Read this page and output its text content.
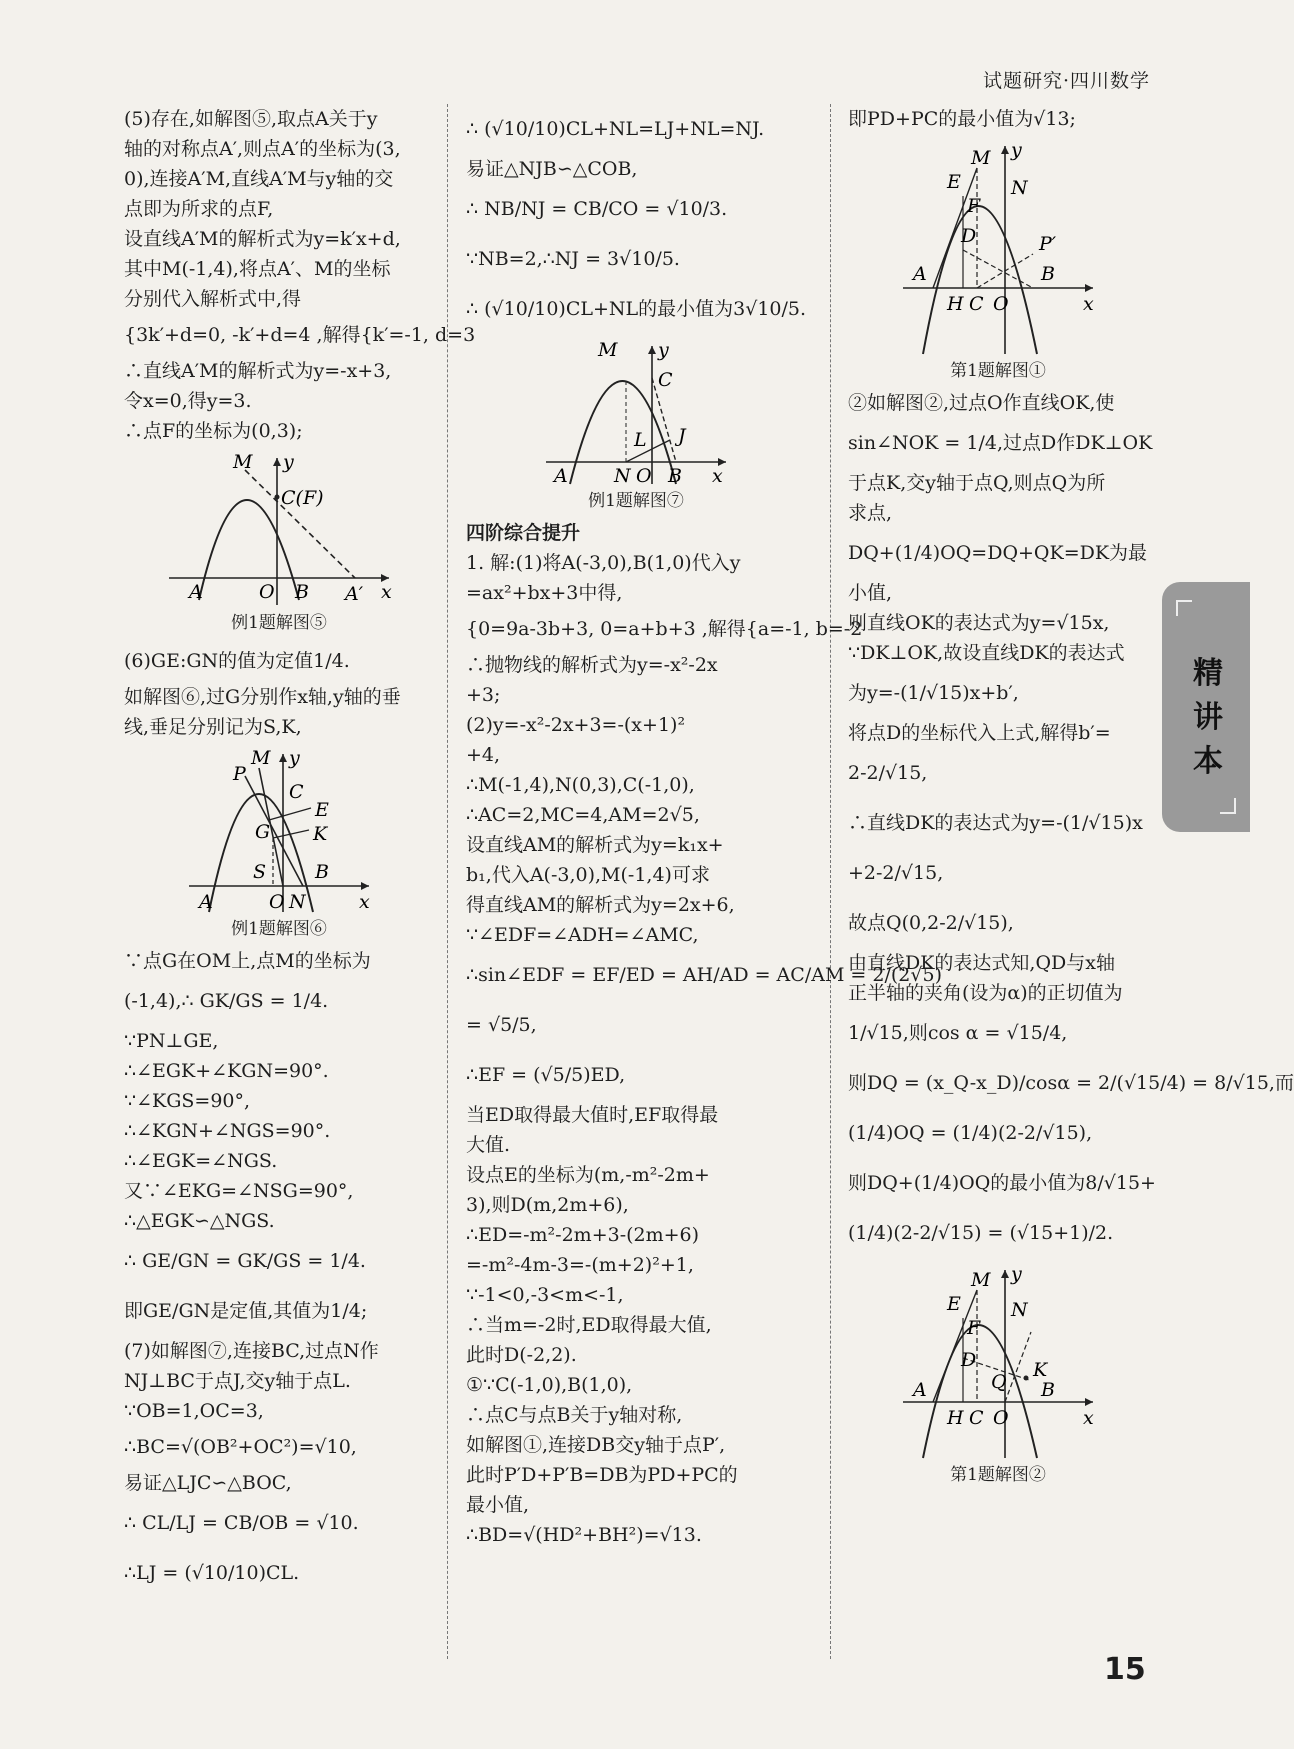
试题研究·四川数学
(5)存在,如解图⑤,取点A关于y
轴的对称点A′,则点A′的坐标为(3,
0),连接A′M,直线A′M与y轴的交
点即为所求的点F,
设直线A′M的解析式为y=k′x+d,
其中M(-1,4),将点A′、M的坐标
分别代入解析式中,得
{3k′+d=0, -k′+d=4 ,解得{k′=-1, d=3
∴直线A′M的解析式为y=-x+3,
令x=0,得y=3.
∴点F的坐标为(0,3);
M y
C(F)
A	O B A′ x
例1题解图⑤
(6)GE:GN的值为定值1/4.
如解图⑥,过G分别作x轴,y轴的垂
线,垂足分别记为S,K,
M y
P
C
E
G K
S	B
A	O N	x
例1题解图⑥
∵点G在OM上,点M的坐标为
(-1,4),∴ GK/GS = 1/4.
∵PN⊥GE,
∴∠EGK+∠KGN=90°.
∵∠KGS=90°,
∴∠KGN+∠NGS=90°.
∴∠EGK=∠NGS.
又∵∠EKG=∠NSG=90°,
∴△EGK∽△NGS.
∴ GE/GN = GK/GS = 1/4.
即GE/GN是定值,其值为1/4;
(7)如解图⑦,连接BC,过点N作
NJ⊥BC于点J,交y轴于点L.
∵OB=1,OC=3,
∴BC=√(OB²+OC²)=√10,
易证△LJC∽△BOC,
∴ CL/LJ = CB/OB = √10.
∴LJ = (√10/10)CL.
∴ (√10/10)CL+NL=LJ+NL=NJ.
易证△NJB∽△COB,
∴ NB/NJ = CB/CO = √10/3.
∵NB=2,∴NJ = 3√10/5.
∴ (√10/10)CL+NL的最小值为3√10/5.
M y
C
L J
A N O B x
例1题解图⑦
四阶综合提升
1. 解:(1)将A(-3,0),B(1,0)代入y
=ax²+bx+3中得,
{0=9a-3b+3, 0=a+b+3 ,解得{a=-1, b=-2
∴抛物线的解析式为y=-x²-2x
+3;
(2)y=-x²-2x+3=-(x+1)²
+4,
∴M(-1,4),N(0,3),C(-1,0),
∴AC=2,MC=4,AM=2√5,
设直线AM的解析式为y=k₁x+
b₁,代入A(-3,0),M(-1,4)可求
得直线AM的解析式为y=2x+6,
∵∠EDF=∠ADH=∠AMC,
∴sin∠EDF = EF/ED = AH/AD = AC/AM = 2/(2√5)
= √5/5,
∴EF = (√5/5)ED,
当ED取得最大值时,EF取得最
大值.
设点E的坐标为(m,-m²-2m+
3),则D(m,2m+6),
∴ED=-m²-2m+3-(2m+6)
=-m²-4m-3=-(m+2)²+1,
∵-1<0,-3<m<-1,
∴当m=-2时,ED取得最大值,
此时D(-2,2).
①∵C(-1,0),B(1,0),
∴点C与点B关于y轴对称,
如解图①,连接DB交y轴于点P′,
此时P′D+P′B=DB为PD+PC的
最小值,
∴BD=√(HD²+BH²)=√13.
即PD+PC的最小值为√13;
M y
E	N
F
D	P′
A	B
H C O	x
第1题解图①
②如解图②,过点O作直线OK,使
sin∠NOK = 1/4,过点D作DK⊥OK
于点K,交y轴于点Q,则点Q为所
求点,
DQ+(1/4)OQ=DQ+QK=DK为最
小值,
则直线OK的表达式为y=√15x,
∵DK⊥OK,故设直线DK的表达式
为y=-(1/√15)x+b′,
将点D的坐标代入上式,解得b′=
2-2/√15,
∴直线DK的表达式为y=-(1/√15)x
+2-2/√15,
故点Q(0,2-2/√15),
由直线DK的表达式知,QD与x轴
正半轴的夹角(设为α)的正切值为
1/√15,则cos α = √15/4,
则DQ = (x_Q-x_D)/cosα = 2/(√15/4) = 8/√15,而
(1/4)OQ = (1/4)(2-2/√15),
则DQ+(1/4)OQ的最小值为8/√15+
(1/4)(2-2/√15) = (√15+1)/2.
M y
E	N
F
D	K
Q
A	B
H C O	x
第1题解图②
精讲本
15
